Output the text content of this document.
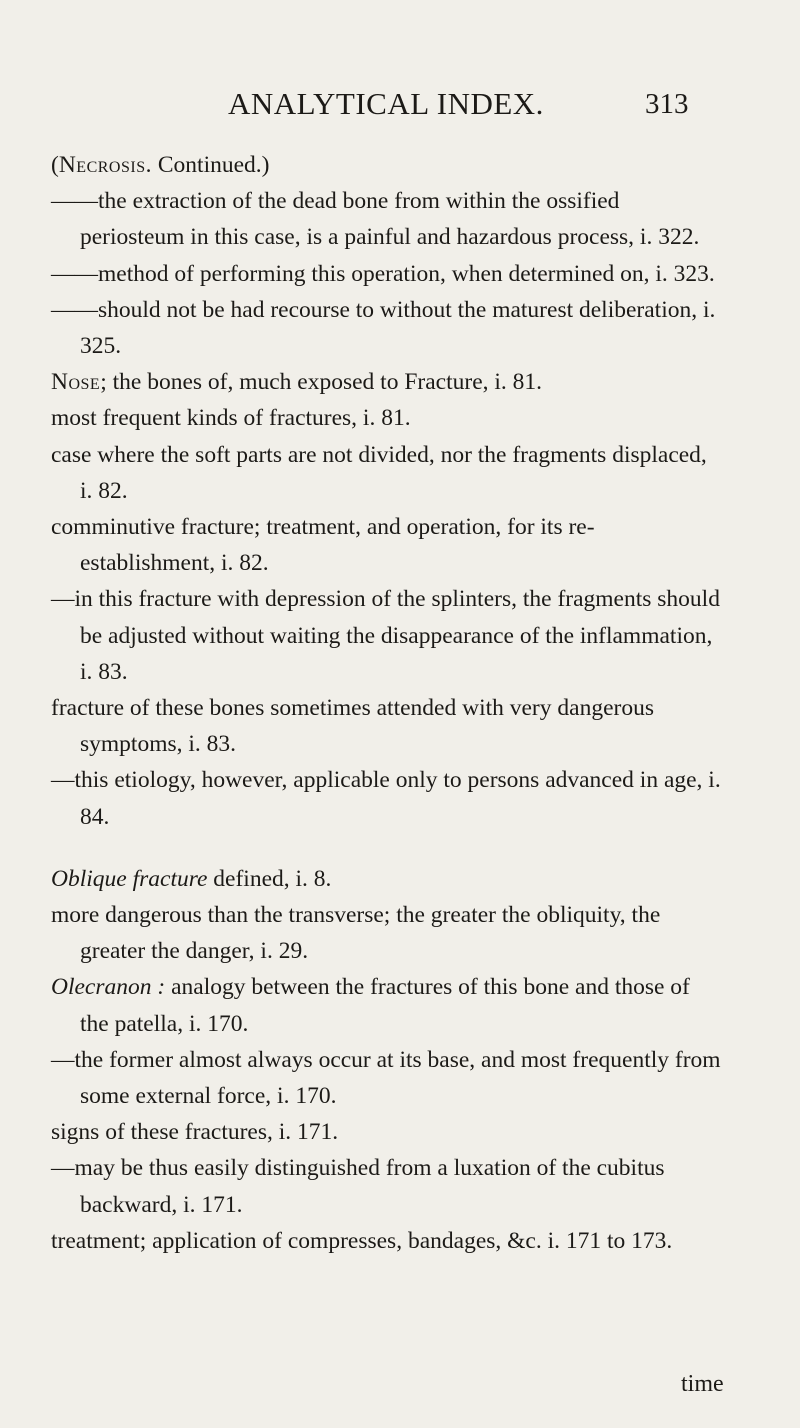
ANALYTICAL INDEX.	313
(Necrosis. Continued.)
——the extraction of the dead bone from within the ossified periosteum in this case, is a painful and hazardous process, i. 322.
——method of performing this operation, when determined on, i. 323.
——should not be had recourse to without the maturest deliberation, i. 325.
Nose; the bones of, much exposed to Fracture, i. 81.
most frequent kinds of fractures, i. 81.
case where the soft parts are not divided, nor the fragments displaced, i. 82.
comminutive fracture; treatment, and operation, for its reestablishment, i. 82.
—in this fracture with depression of the splinters, the fragments should be adjusted without waiting the disappearance of the inflammation, i. 83.
fracture of these bones sometimes attended with very dangerous symptoms, i. 83.
—this etiology, however, applicable only to persons advanced in age, i. 84.
Oblique fracture defined, i. 8.
more dangerous than the transverse; the greater the obliquity, the greater the danger, i. 29.
Olecranon : analogy between the fractures of this bone and those of the patella, i. 170.
—the former almost always occur at its base, and most frequently from some external force, i. 170.
signs of these fractures, i. 171.
—may be thus easily distinguished from a luxation of the cubitus backward, i. 171.
treatment; application of compresses, bandages, &c. i. 171 to 173.
time
